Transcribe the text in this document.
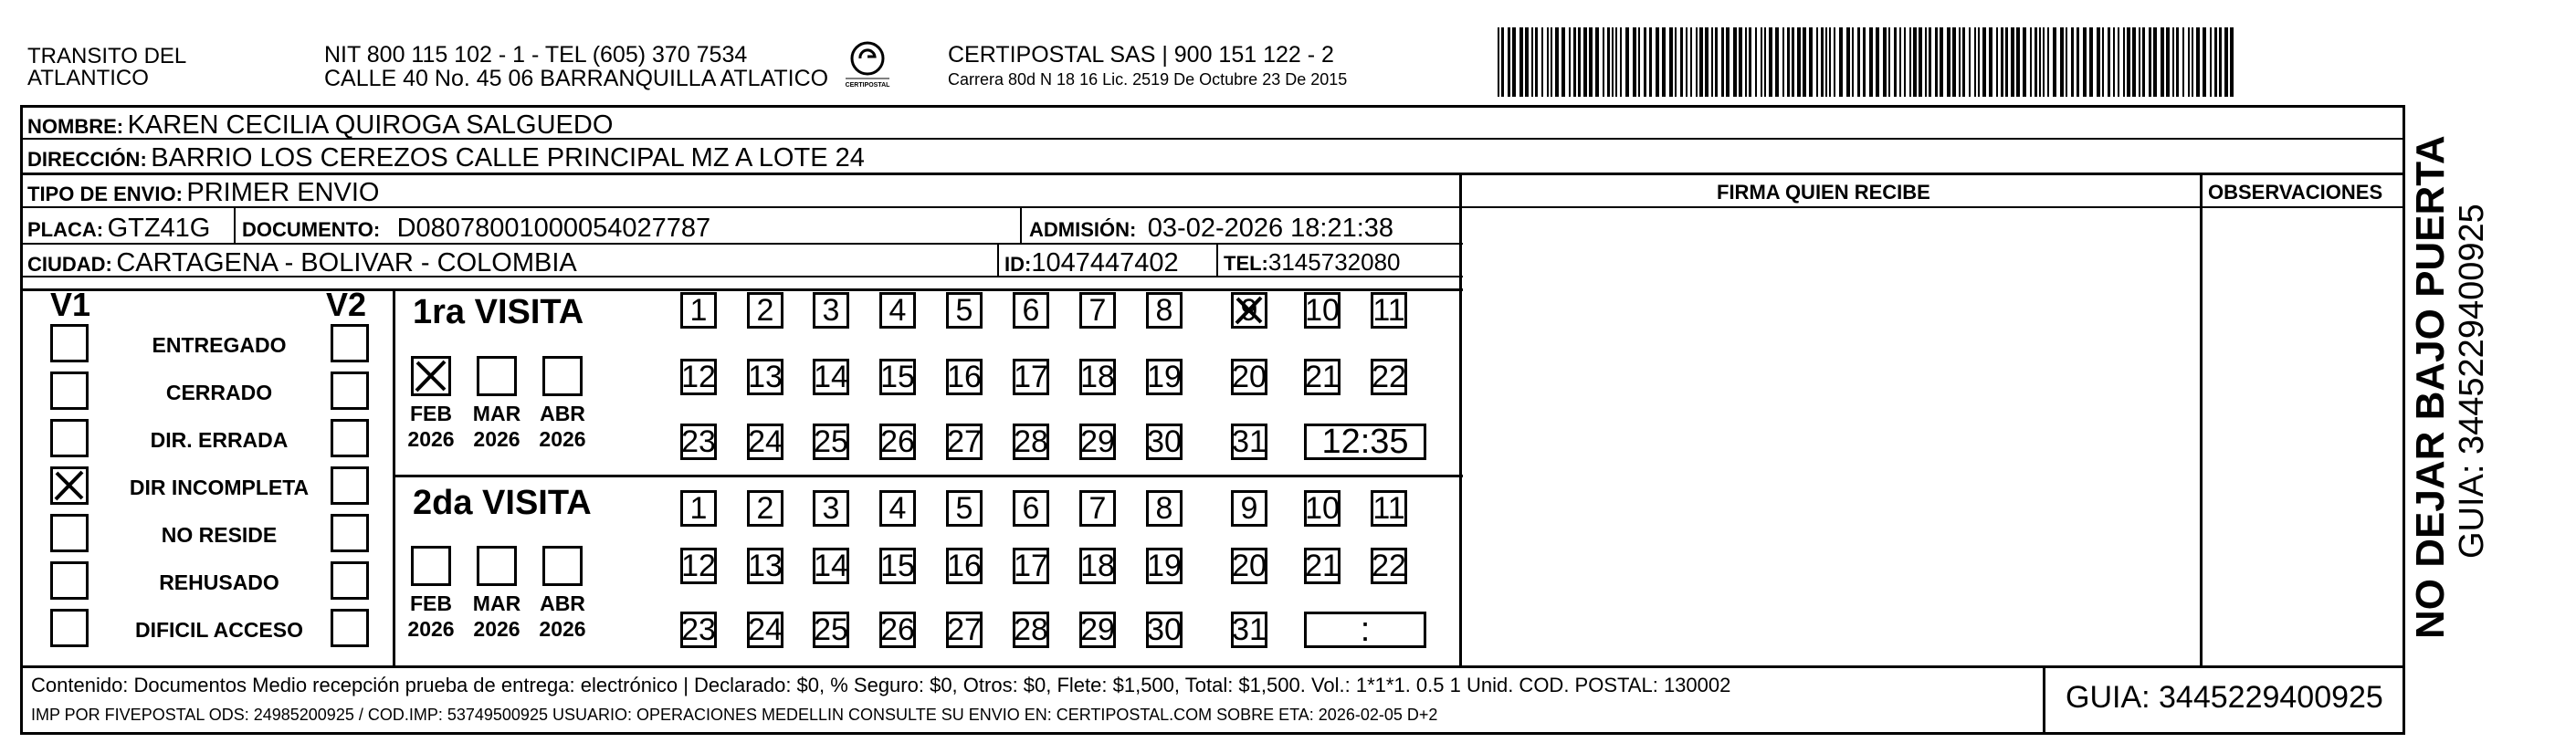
TRANSITO DEL
ATLANTICO
NIT 800 115 102 - 1 - TEL (605) 370 7534
CALLE 40 No. 45 06 BARRANQUILLA ATLATICO	CERTIPOSTAL
CERTIPOSTAL SAS | 900 151 122 - 2
Carrera 80d N 18 16 Lic. 2519 De Octubre 23 De 2015
NOMBRE: KAREN CECILIA QUIROGA SALGUEDO
DIRECCIÓN: BARRIO LOS CEREZOS CALLE PRINCIPAL MZ A LOTE 24
TIPO DE ENVIO: PRIMER ENVIO	FIRMA QUIEN RECIBE	OBSERVACIONES
PLACA: GTZ41G DOCUMENTO: D08078001000054027787	ADMISIÓN: 03-02-2026 18:21:38
CIUDAD: CARTAGENA - BOLIVAR - COLOMBIA	ID:1047447402 TEL:3145732080
V1	V2
ENTREGADO
CERRADO
DIR. ERRADA
DIR INCOMPLETA
NO RESIDE
REHUSADO
DIFICIL ACCESO
1ra VISITA
FEB
2026
MAR
2026
ABR
2026
1 2 3 4 5 6 7 8 9 10 11
12 13 14 15 16 17 18 19 20 21 22
23 24 25 26 27 28 29 30 31	12:35
2da VISITA
FEB
2026
MAR
2026
ABR
2026
1 2 3 4 5 6 7 8 9 10 11
12 13 14 15 16 17 18 19 20 21 22
23 24 25 26 27 28 29 30 31	:
Contenido: Documentos Medio recepción prueba de entrega: electrónico | Declarado: $0, % Seguro: $0, Otros: $0, Flete: $1,500, Total: $1,500. Vol.: 1*1*1. 0.5 1 Unid. COD. POSTAL: 130002
IMP POR FIVEPOSTAL ODS: 24985200925 / COD.IMP: 53749500925 USUARIO: OPERACIONES MEDELLIN CONSULTE SU ENVIO EN: CERTIPOSTAL.COM SOBRE ETA: 2026-02-05 D+2	GUIA: 3445229400925
NO DEJAR BAJO PUERTA GUIA: 3445229400925
